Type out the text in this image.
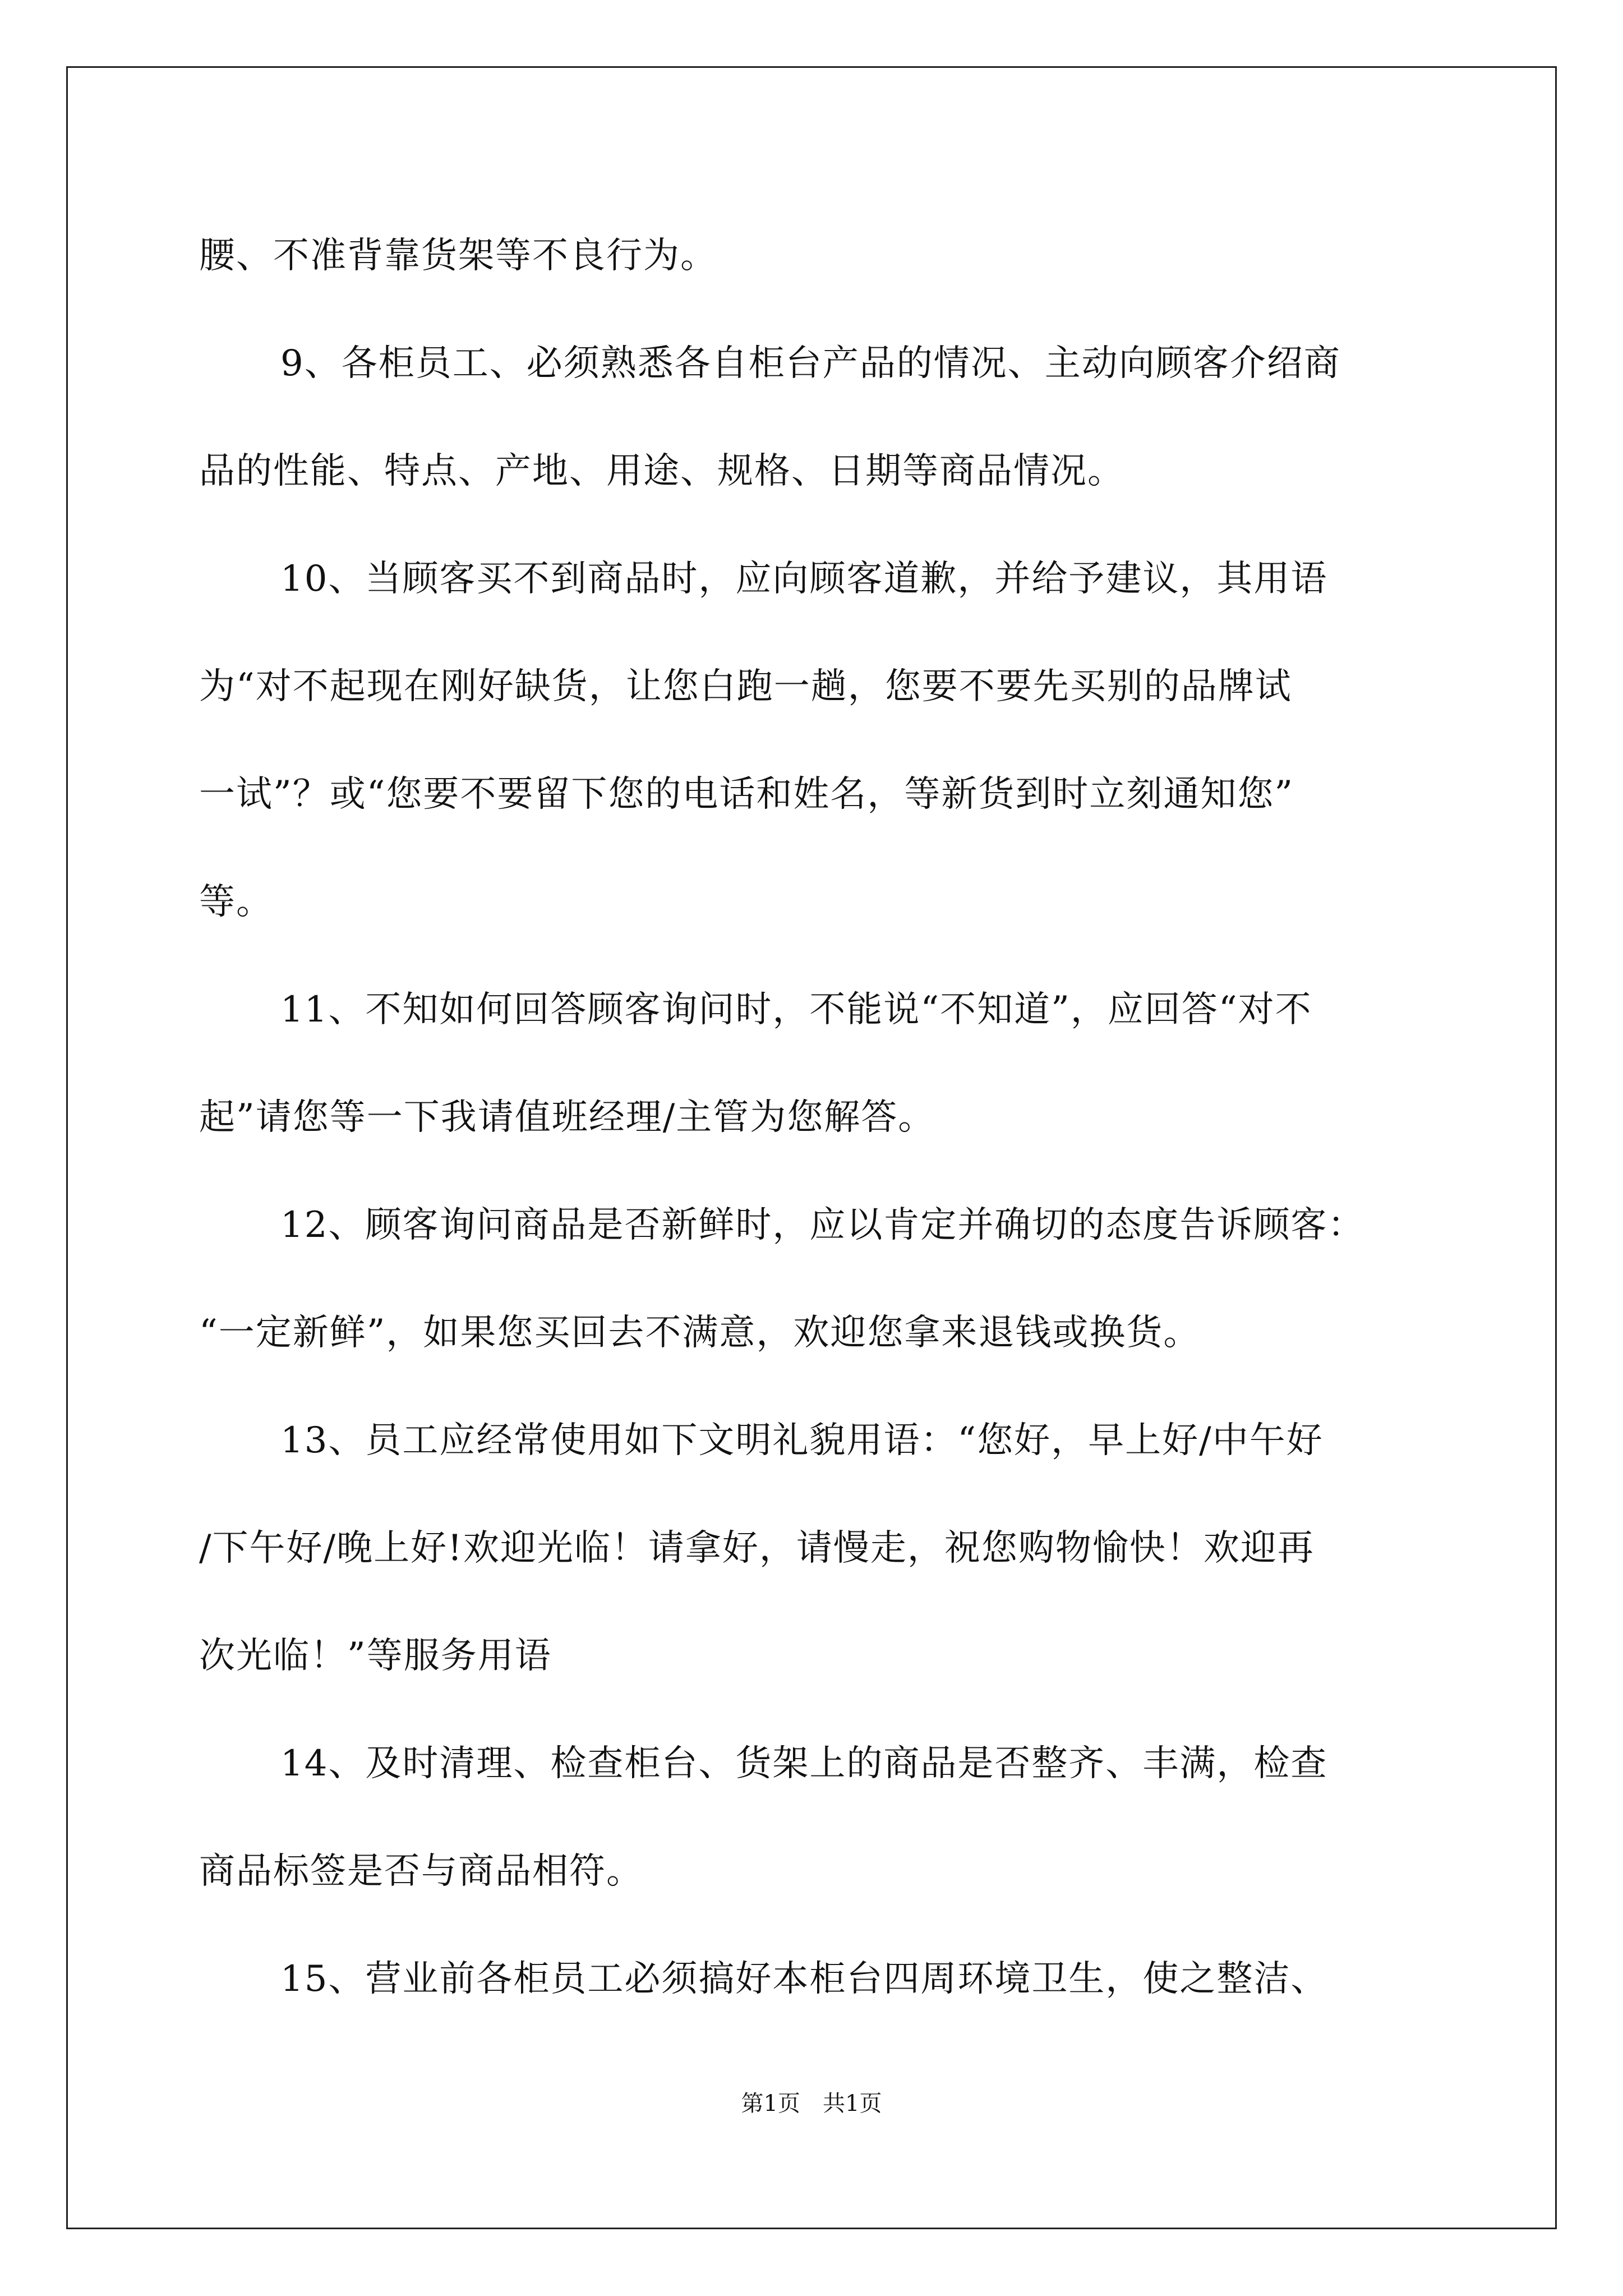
腰、不准背靠货架等不良行为。

9、各柜员工、必须熟悉各自柜台产品的情况、主动向顾客介绍商

品的性能、特点、产地、用途、规格、日期等商品情况。

10、当顾客买不到商品时，应向顾客道歉，并给予建议，其用语

为“对不起现在刚好缺货，让您白跑一趟，您要不要先买别的品牌试

一试”？或“您要不要留下您的电话和姓名，等新货到时立刻通知您”

等。

11、不知如何回答顾客询问时，不能说“不知道”，应回答“对不

起”请您等一下我请值班经理/主管为您解答。

12、顾客询问商品是否新鲜时，应以肯定并确切的态度告诉顾客：

“一定新鲜”，如果您买回去不满意，欢迎您拿来退钱或换货。

13、员工应经常使用如下文明礼貌用语：“您好，早上好/中午好

/下午好/晚上好!欢迎光临！请拿好，请慢走，祝您购物愉快！欢迎再

次光临！”等服务用语

14、及时清理、检查柜台、货架上的商品是否整齐、丰满，检查

商品标签是否与商品相符。

15、营业前各柜员工必须搞好本柜台四周环境卫生，使之整洁、

第1页　共1页
